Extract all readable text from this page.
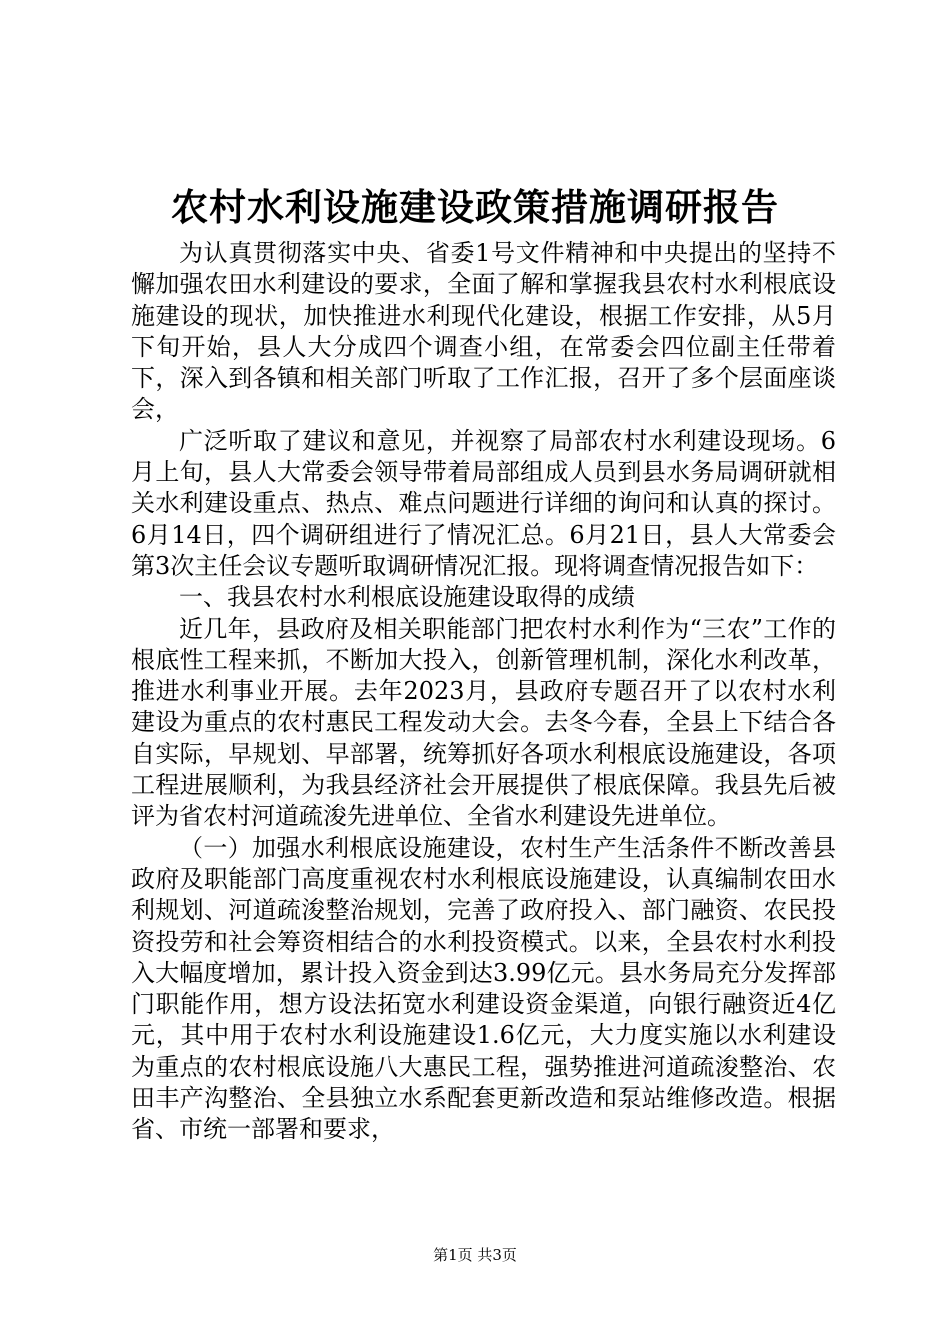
农村水利设施建设政策措施调研报告

为认真贯彻落实中央、省委1号文件精神和中央提出的坚持不懈加强农田水利建设的要求，全面了解和掌握我县农村水利根底设施建设的现状，加快推进水利现代化建设，根据工作安排，从5月下旬开始，县人大分成四个调查小组，在常委会四位副主任带着下，深入到各镇和相关部门听取了工作汇报，召开了多个层面座谈会，

广泛听取了建议和意见，并视察了局部农村水利建设现场。6月上旬，县人大常委会领导带着局部组成人员到县水务局调研就相关水利建设重点、热点、难点问题进行详细的询问和认真的探讨。6月14日，四个调研组进行了情况汇总。6月21日，县人大常委会第3次主任会议专题听取调研情况汇报。现将调查情况报告如下：

一、我县农村水利根底设施建设取得的成绩

近几年，县政府及相关职能部门把农村水利作为“三农”工作的根底性工程来抓，不断加大投入，创新管理机制，深化水利改革，推进水利事业开展。去年2023月，县政府专题召开了以农村水利建设为重点的农村惠民工程发动大会。去冬今春，全县上下结合各自实际，早规划、早部署，统筹抓好各项水利根底设施建设，各项工程进展顺利，为我县经济社会开展提供了根底保障。我县先后被评为省农村河道疏浚先进单位、全省水利建设先进单位。

（一）加强水利根底设施建设，农村生产生活条件不断改善县政府及职能部门高度重视农村水利根底设施建设，认真编制农田水利规划、河道疏浚整治规划，完善了政府投入、部门融资、农民投资投劳和社会筹资相结合的水利投资模式。以来，全县农村水利投入大幅度增加，累计投入资金到达3.99亿元。县水务局充分发挥部门职能作用，想方设法拓宽水利建设资金渠道，向银行融资近4亿元，其中用于农村水利设施建设1.6亿元，大力度实施以水利建设为重点的农村根底设施八大惠民工程，强势推进河道疏浚整治、农田丰产沟整治、全县独立水系配套更新改造和泵站维修改造。根据省、市统一部署和要求，

第1页 共3页
